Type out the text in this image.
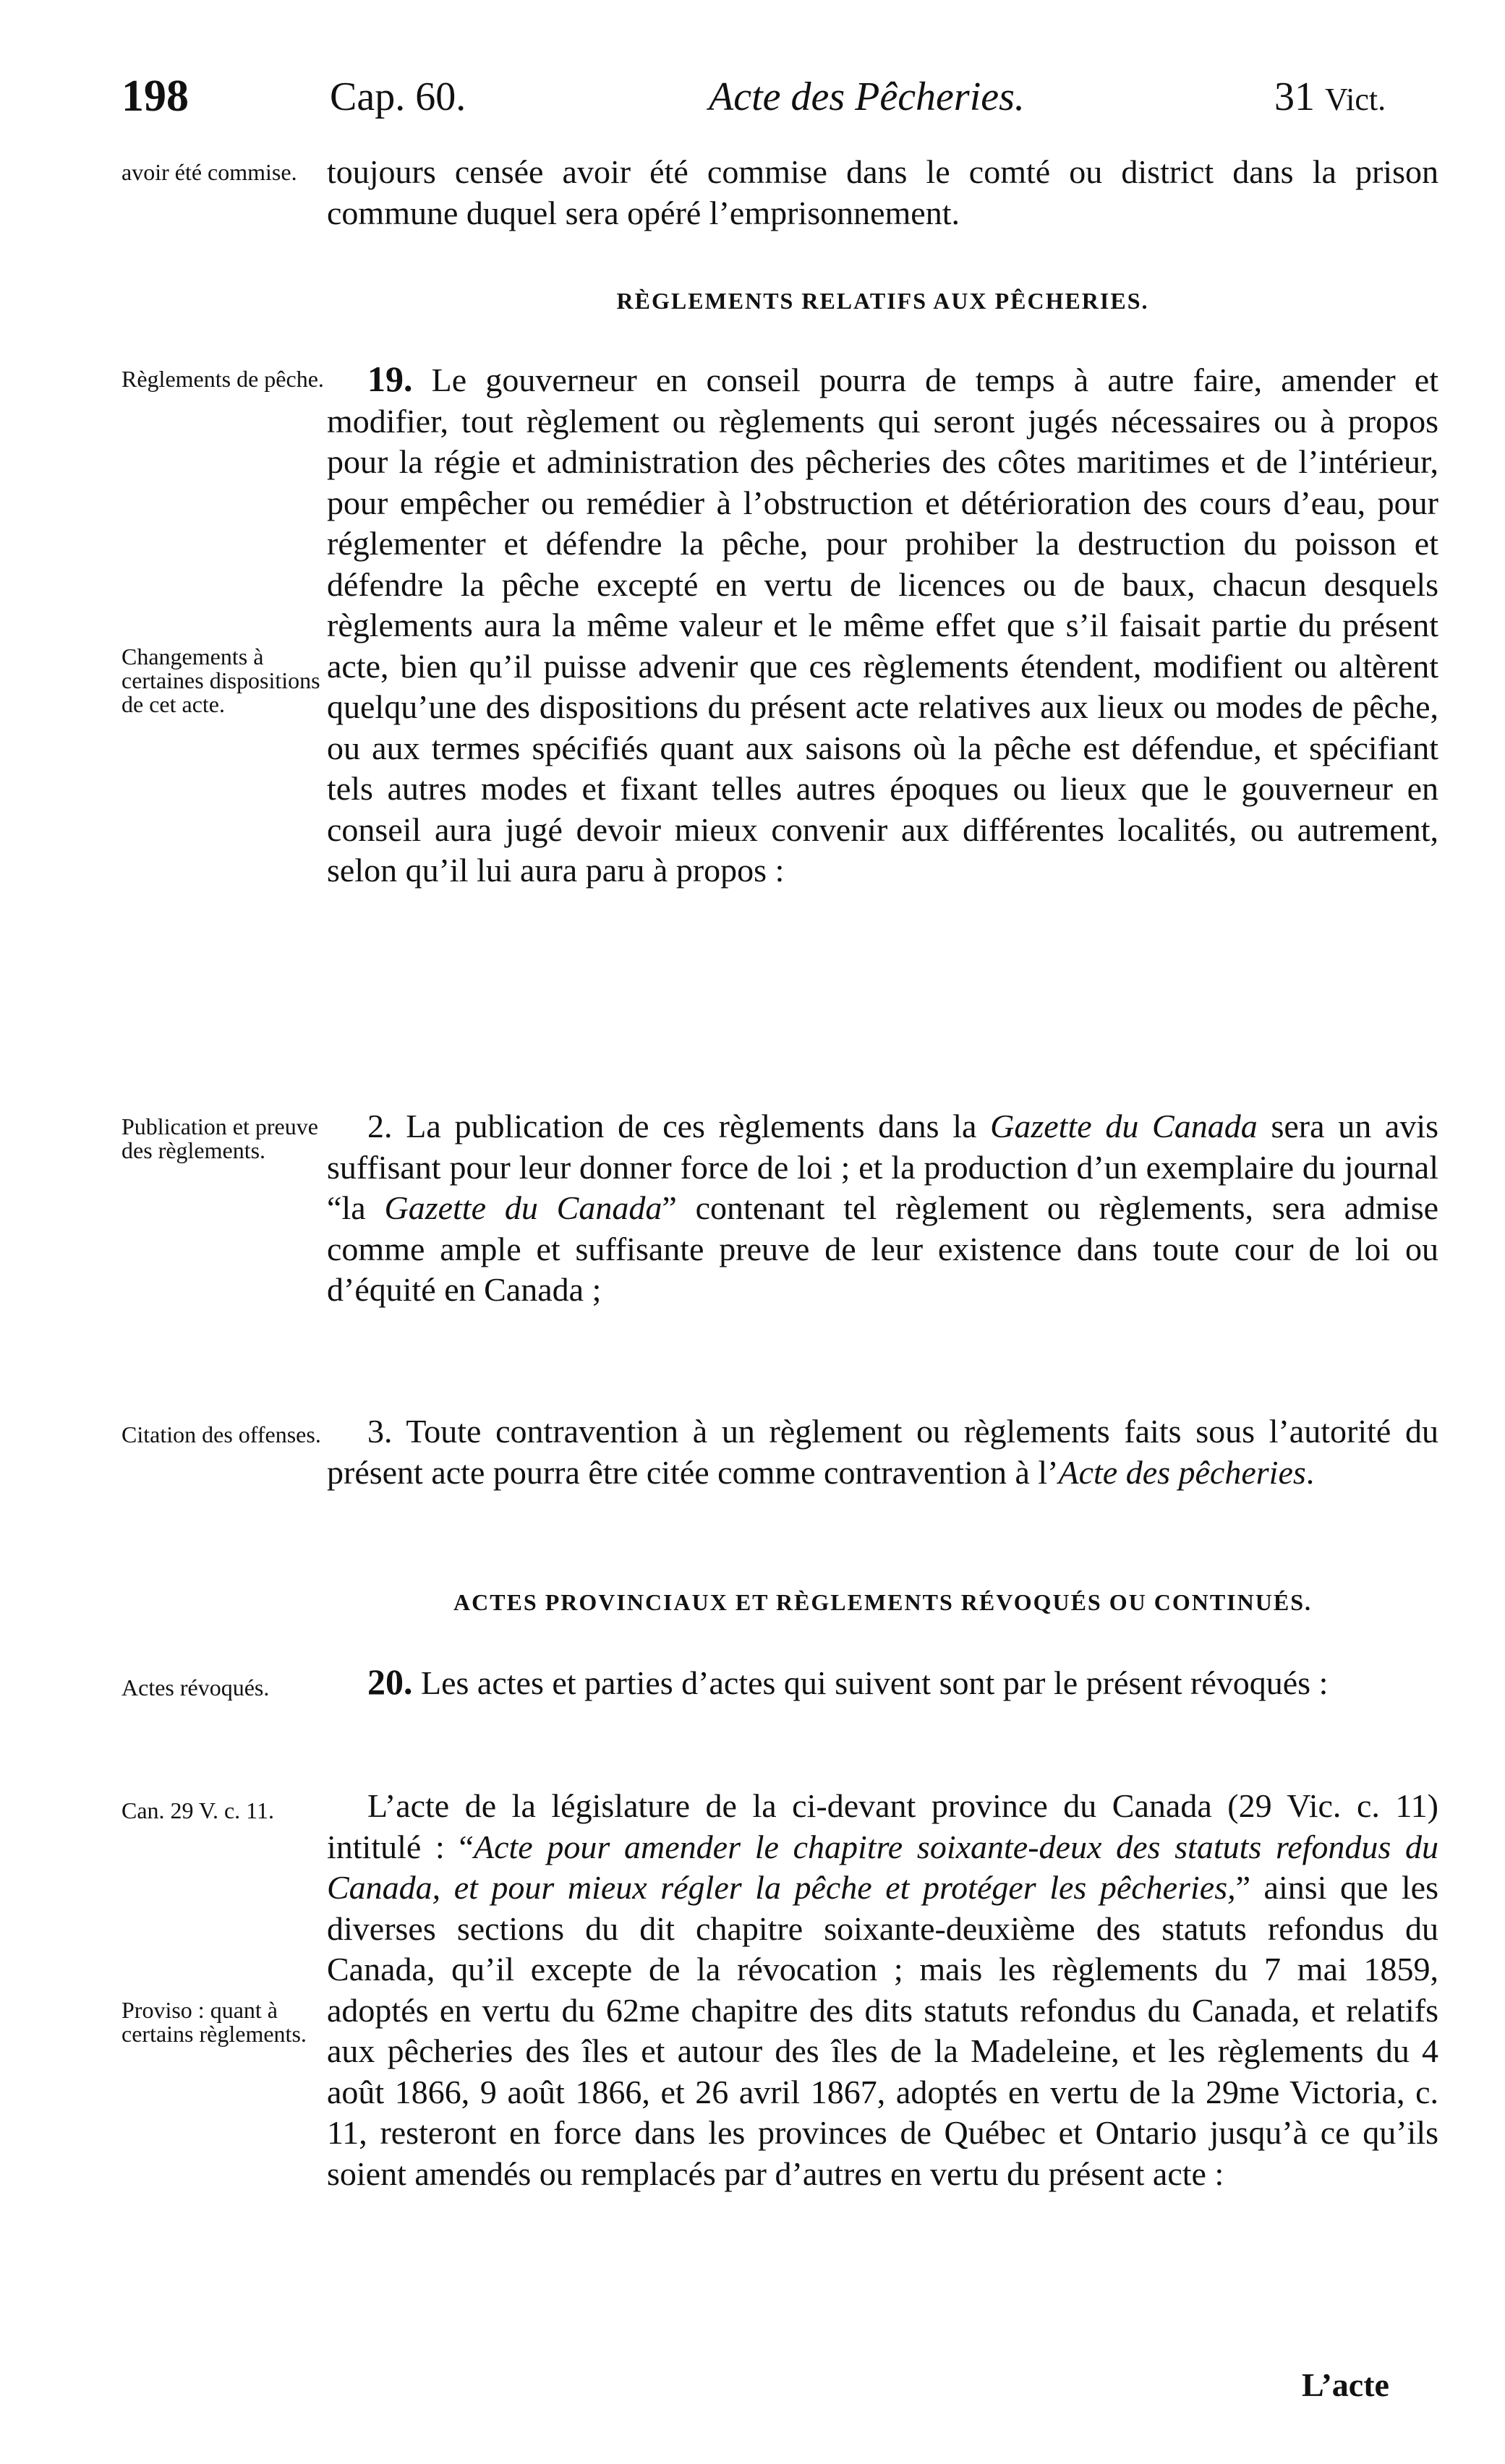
198	Cap. 60.	Acte des Pêcheries.	31 Vict.
avoir été commise. toujours censée avoir été commise dans le comté ou district dans la prison commune duquel sera opéré l’emprisonnement.

RÈGLEMENTS RELATIFS AUX PÊCHERIES.
Règlements de pêche.
Changements à certaines dispositions de cet acte.

19. Le gouverneur en conseil pourra de temps à autre faire, amender et modifier, tout règlement ou règlements qui seront jugés nécessaires ou à propos pour la régie et administration des pêcheries des côtes maritimes et de l’intérieur, pour empêcher ou remédier à l’obstruction et détérioration des cours d’eau, pour réglementer et défendre la pêche, pour prohiber la destruction du poisson et défendre la pêche excepté en vertu de licences ou de baux, chacun desquels règlements aura la même valeur et le même effet que s’il faisait partie du présent acte, bien qu’il puisse advenir que ces règlements étendent, modifient ou altèrent quelqu’une des dispositions du présent acte relatives aux lieux ou modes de pêche, ou aux termes spécifiés quant aux saisons où la pêche est défendue, et spécifiant tels autres modes et fixant telles autres époques ou lieux que le gouverneur en conseil aura jugé devoir mieux convenir aux différentes localités, ou autrement, selon qu’il lui aura paru à propos :

Publication et preuve des règlements.

2. La publication de ces règlements dans la Gazette du Canada sera un avis suffisant pour leur donner force de loi ; et la production d’un exemplaire du journal “la Gazette du Canada” contenant tel règlement ou règlements, sera admise comme ample et suffisante preuve de leur existence dans toute cour de loi ou d’équité en Canada ;

Citation des offenses.	3. Toute contravention à un règlement ou règlements faits sous l’autorité du présent acte pourra être citée comme contravention à l’Acte des pêcheries.

ACTES PROVINCIAUX ET RÈGLEMENTS RÉVOQUÉS OU CONTINUÉS.
Actes révoqués.	20. Les actes et parties d’actes qui suivent sont par le présent révoqués :

Can. 29 V. c. 11.
Proviso : quant à certains règlements.

L’acte de la législature de la ci-devant province du Canada (29 Vic. c. 11) intitulé : “Acte pour amender le chapitre soixante-deux des statuts refondus du Canada, et pour mieux régler la pêche et protéger les pêcheries,” ainsi que les diverses sections du dit chapitre soixante-deuxième des statuts refondus du Canada, qu’il excepte de la révocation ; mais les règlements du 7 mai 1859, adoptés en vertu du 62me chapitre des dits statuts refondus du Canada, et relatifs aux pêcheries des îles et autour des îles de la Madeleine, et les règlements du 4 août 1866, 9 août 1866, et 26 avril 1867, adoptés en vertu de la 29me Victoria, c. 11, resteront en force dans les provinces de Québec et Ontario jusqu’à ce qu’ils soient amendés ou remplacés par d’autres en vertu du présent acte :

L’acte
